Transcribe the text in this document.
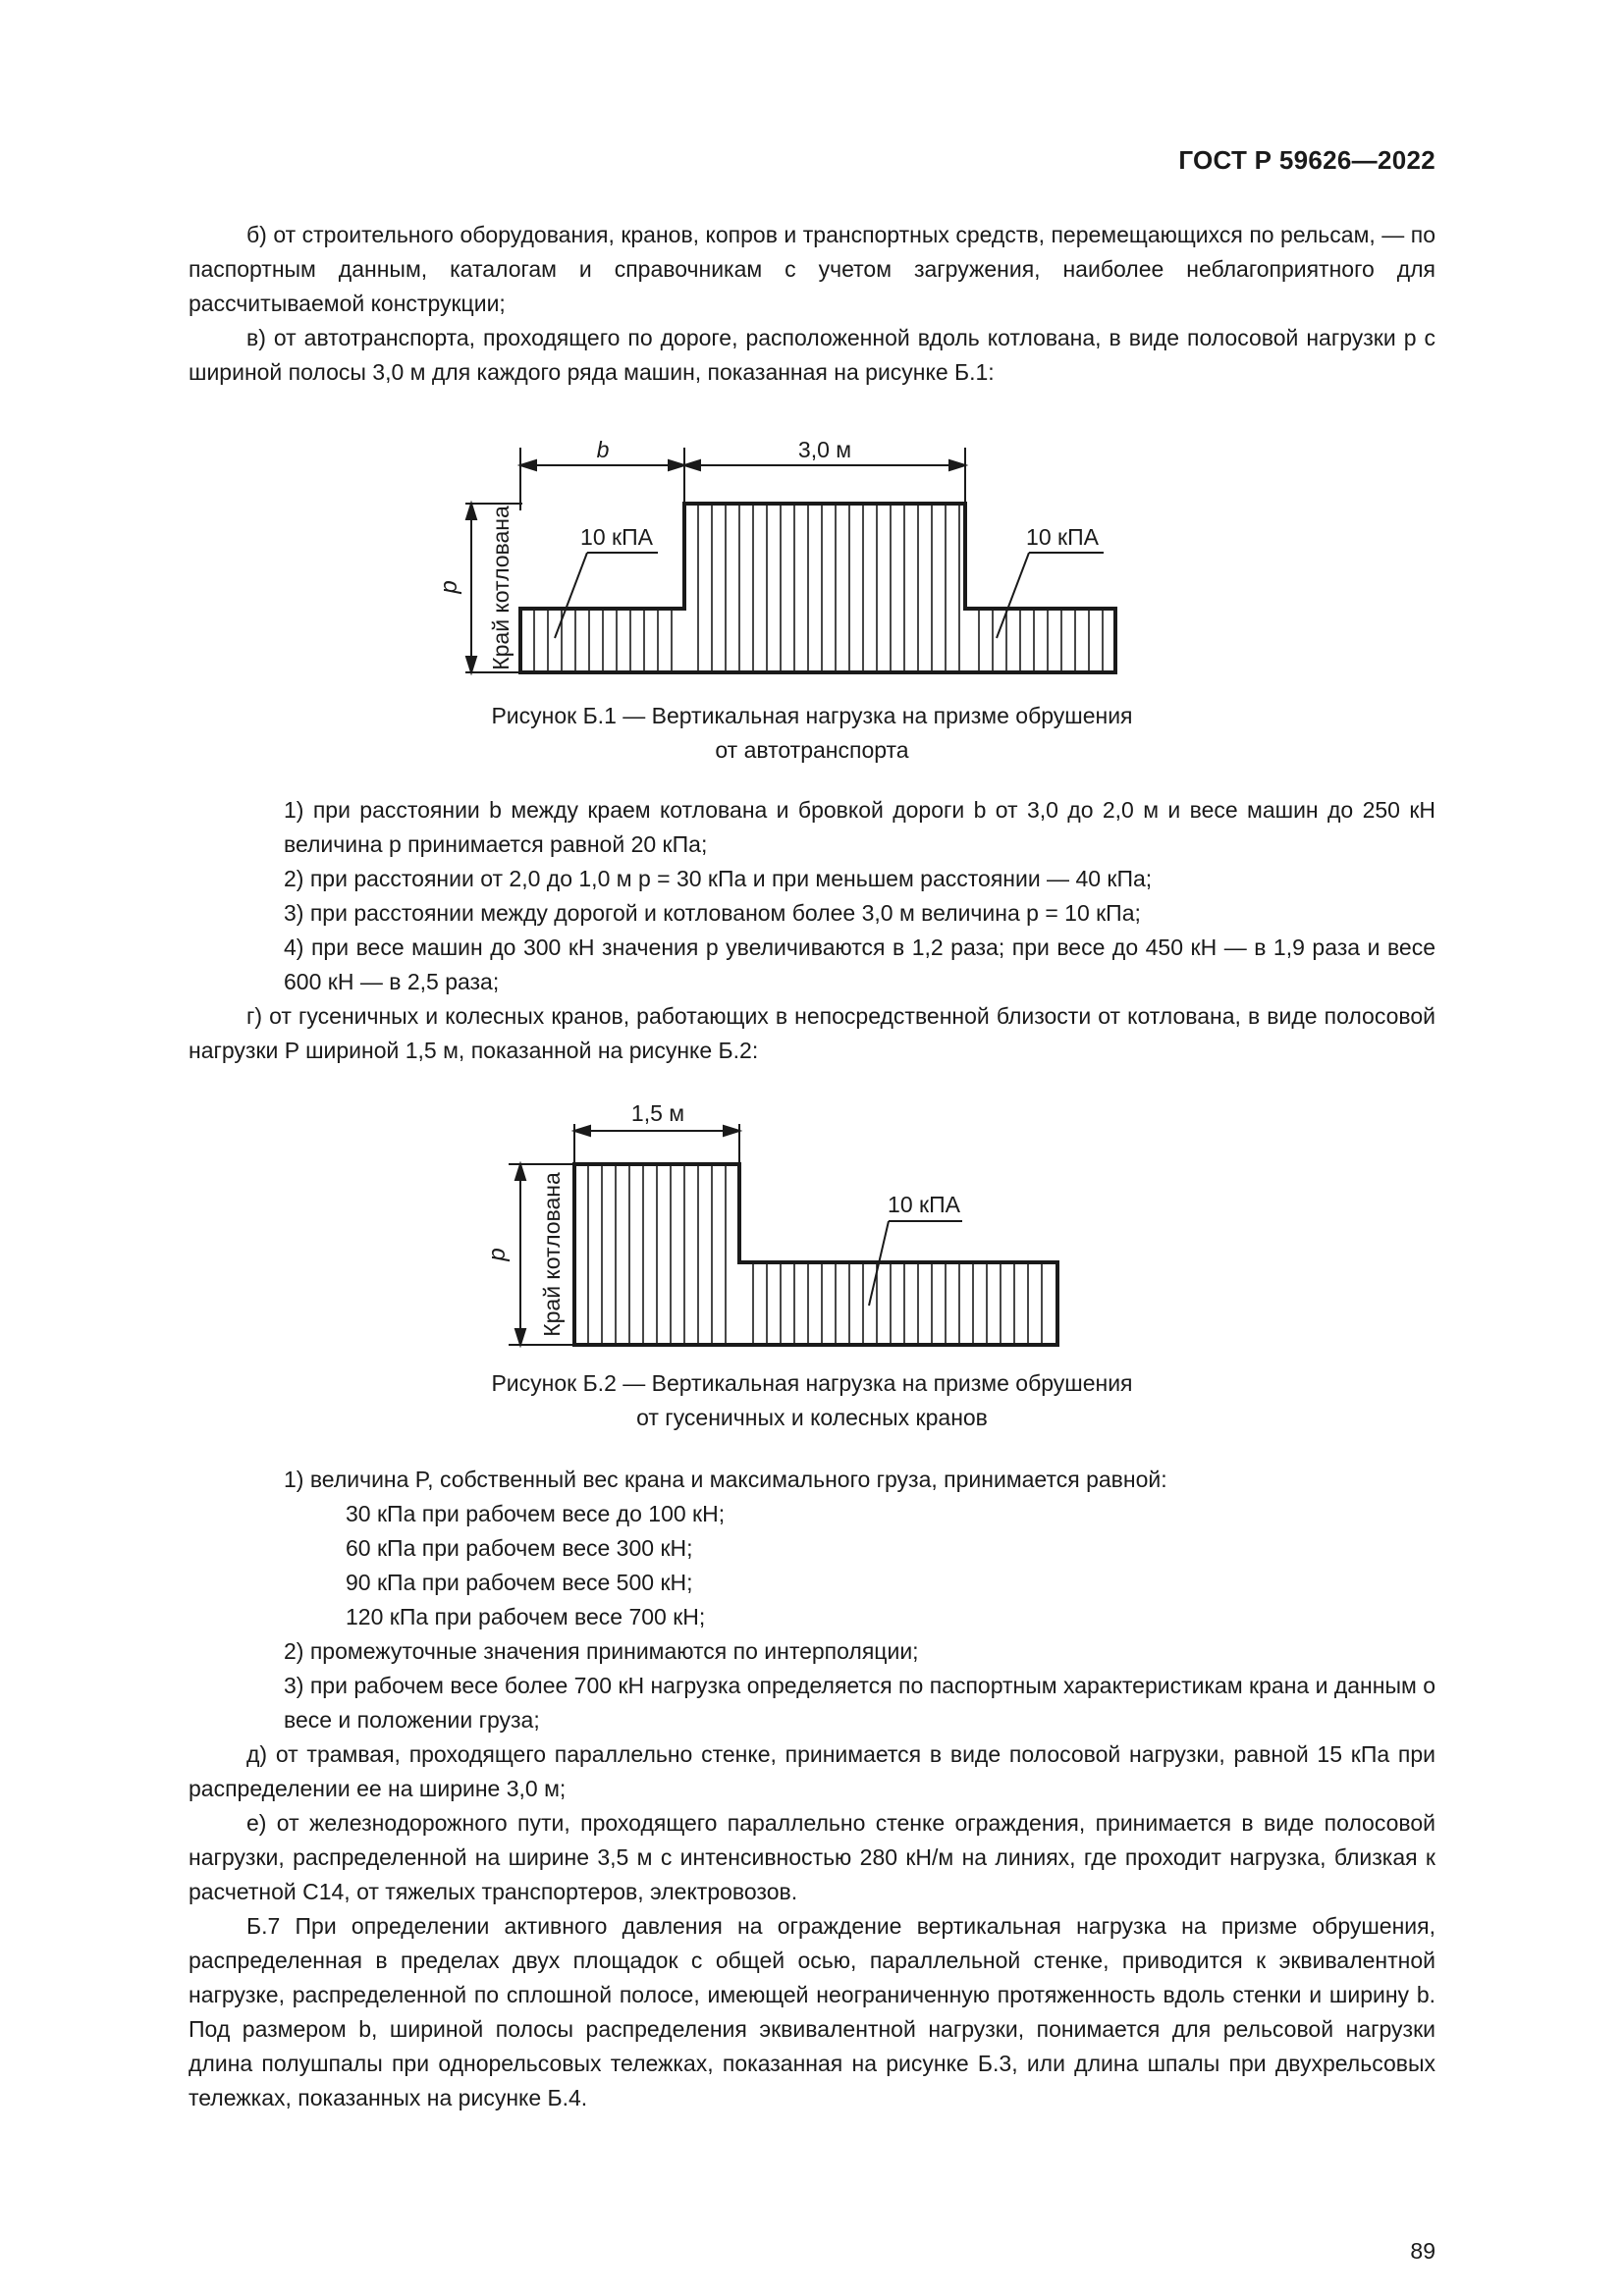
ГОСТ Р 59626—2022

б) от строительного оборудования, кранов, копров и транспортных средств, перемещающихся по рельсам, — по паспортным данным, каталогам и справочникам с учетом загружения, наиболее неблагоприятного для рассчитываемой конструкции;

в) от автотранспорта, проходящего по дороге, расположенной вдоль котлована, в виде полосовой нагрузки p с шириной полосы 3,0 м для каждого ряда машин, показанная на рисунке Б.1:

b	3,0 м
10 кПА	10 кПА
p Край котлована

Рисунок Б.1 — Вертикальная нагрузка на призме обрушения

от автотранспорта

1) при расстоянии b между краем котлована и бровкой дороги b от 3,0 до 2,0 м и весе машин до 250 кН величина p принимается равной 20 кПа;

2) при расстоянии от 2,0 до 1,0 м p = 30 кПа и при меньшем расстоянии — 40 кПа;

3) при расстоянии между дорогой и котлованом более 3,0 м величина p = 10 кПа;

4) при весе машин до 300 кН значения p увеличиваются в 1,2 раза; при весе до 450 кН — в 1,9 раза и весе 600 кН — в 2,5 раза;

г) от гусеничных и колесных кранов, работающих в непосредственной близости от котлована, в виде полосовой нагрузки P шириной 1,5 м, показанной на рисунке Б.2:

1,5 м
10 кПА
p Край котлована

Рисунок Б.2 — Вертикальная нагрузка на призме обрушения

от гусеничных и колесных кранов

1) величина P, собственный вес крана и максимального груза, принимается равной:

30 кПа при рабочем весе до 100 кН;

60 кПа при рабочем весе 300 кН;

90 кПа при рабочем весе 500 кН;

120 кПа при рабочем весе 700 кН;

2) промежуточные значения принимаются по интерполяции;

3) при рабочем весе более 700 кН нагрузка определяется по паспортным характеристикам крана и данным о весе и положении груза;

д) от трамвая, проходящего параллельно стенке, принимается в виде полосовой нагрузки, равной 15 кПа при распределении ее на ширине 3,0 м;

е) от железнодорожного пути, проходящего параллельно стенке ограждения, принимается в виде полосовой нагрузки, распределенной на ширине 3,5 м с интенсивностью 280 кН/м на линиях, где проходит нагрузка, близкая к расчетной С14, от тяжелых транспортеров, электровозов.

Б.7 При определении активного давления на ограждение вертикальная нагрузка на призме обрушения, распределенная в пределах двух площадок с общей осью, параллельной стенке, приводится к эквивалентной нагрузке, распределенной по сплошной полосе, имеющей неограниченную протяженность вдоль стенки и ширину b. Под размером b, шириной полосы распределения эквивалентной нагрузки, понимается для рельсовой нагрузки длина полушпалы при однорельсовых тележках, показанная на рисунке Б.3, или длина шпалы при двухрельсовых тележках, показанных на рисунке Б.4.

89
